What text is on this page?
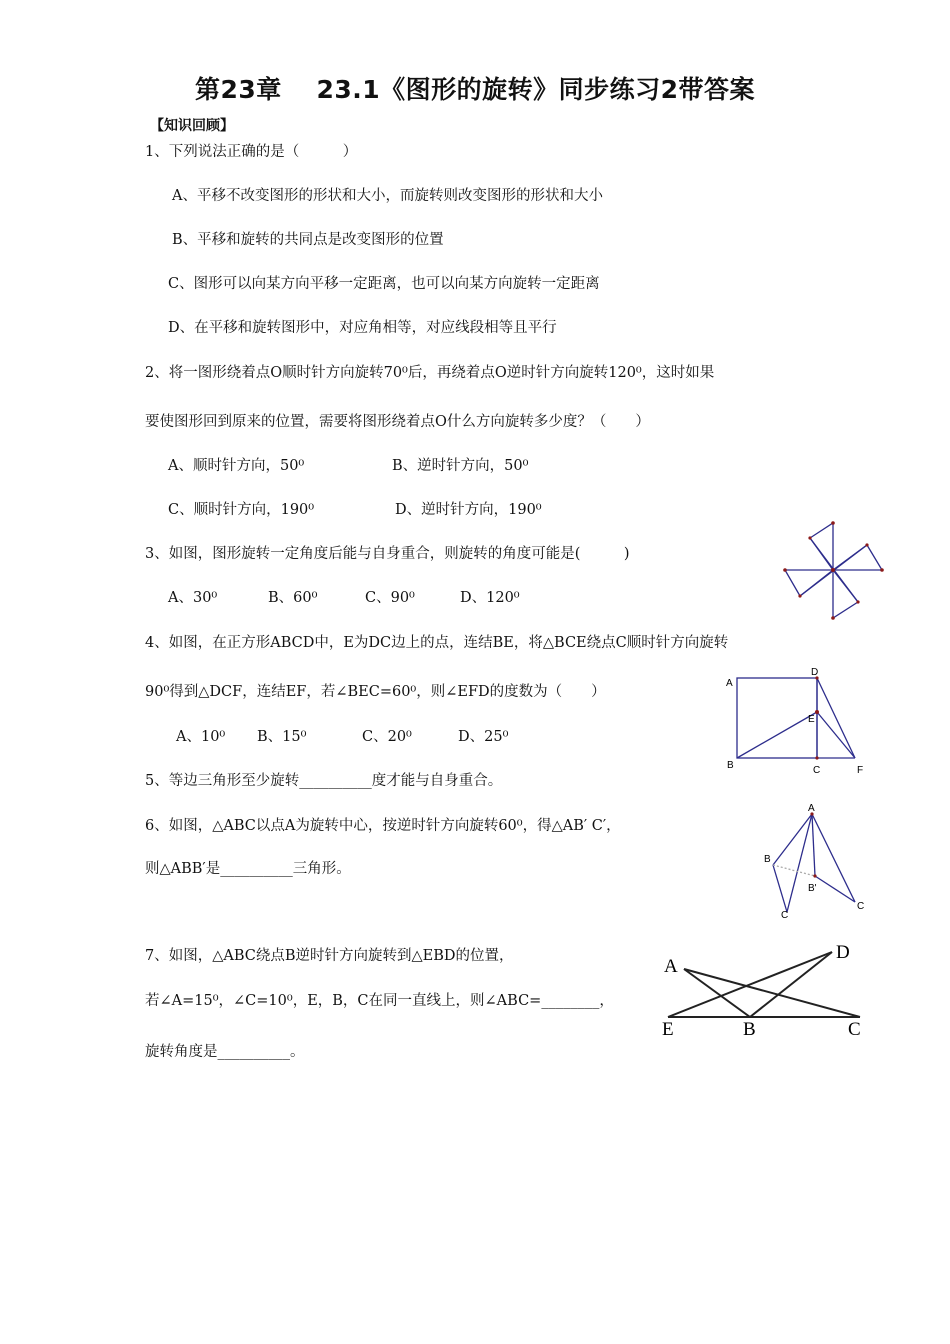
第23章　 23.1《图形的旋转》同步练习2带答案
【知识回顾】
1、下列说法正确的是（　　　）
A、平移不改变图形的形状和大小，而旋转则改变图形的形状和大小
B、平移和旋转的共同点是改变图形的位置
C、图形可以向某方向平移一定距离，也可以向某方向旋转一定距离
D、在平移和旋转图形中，对应角相等，对应线段相等且平行
2、将一图形绕着点O顺时针方向旋转70⁰后，再绕着点O逆时针方向旋转120⁰，这时如果
要使图形回到原来的位置，需要将图形绕着点O什么方向旋转多少度？（　　）
A、顺时针方向，50⁰	B、逆时针方向，50⁰
C、顺时针方向，190⁰	D、逆时针方向，190⁰
3、如图，图形旋转一定角度后能与自身重合，则旋转的角度可能是(　　　)
A、30⁰	B、60⁰	C、90⁰	D、120⁰
4、如图，在正方形ABCD中，E为DC边上的点，连结BE，将△BCE绕点C顺时针方向旋转
90⁰得到△DCF，连结EF，若∠BEC=60⁰，则∠EFD的度数为（　　）
A、10⁰ B、15⁰	C、20⁰	D、25⁰
A
D
E
B	C	F
5、等边三角形至少旋转__________度才能与自身重合。
6、如图，△ABC以点A为旋转中心，按逆时针方向旋转60⁰，得△AB′ C′，
则△ABB′是__________三角形。
A
B
B'
C
C
7、如图，△ABC绕点B逆时针方向旋转到△EBD的位置，
若∠A=15⁰，∠C=10⁰，E，B，C在同一直线上，则∠ABC=________，
旋转角度是__________。
A
D
E	B	C
